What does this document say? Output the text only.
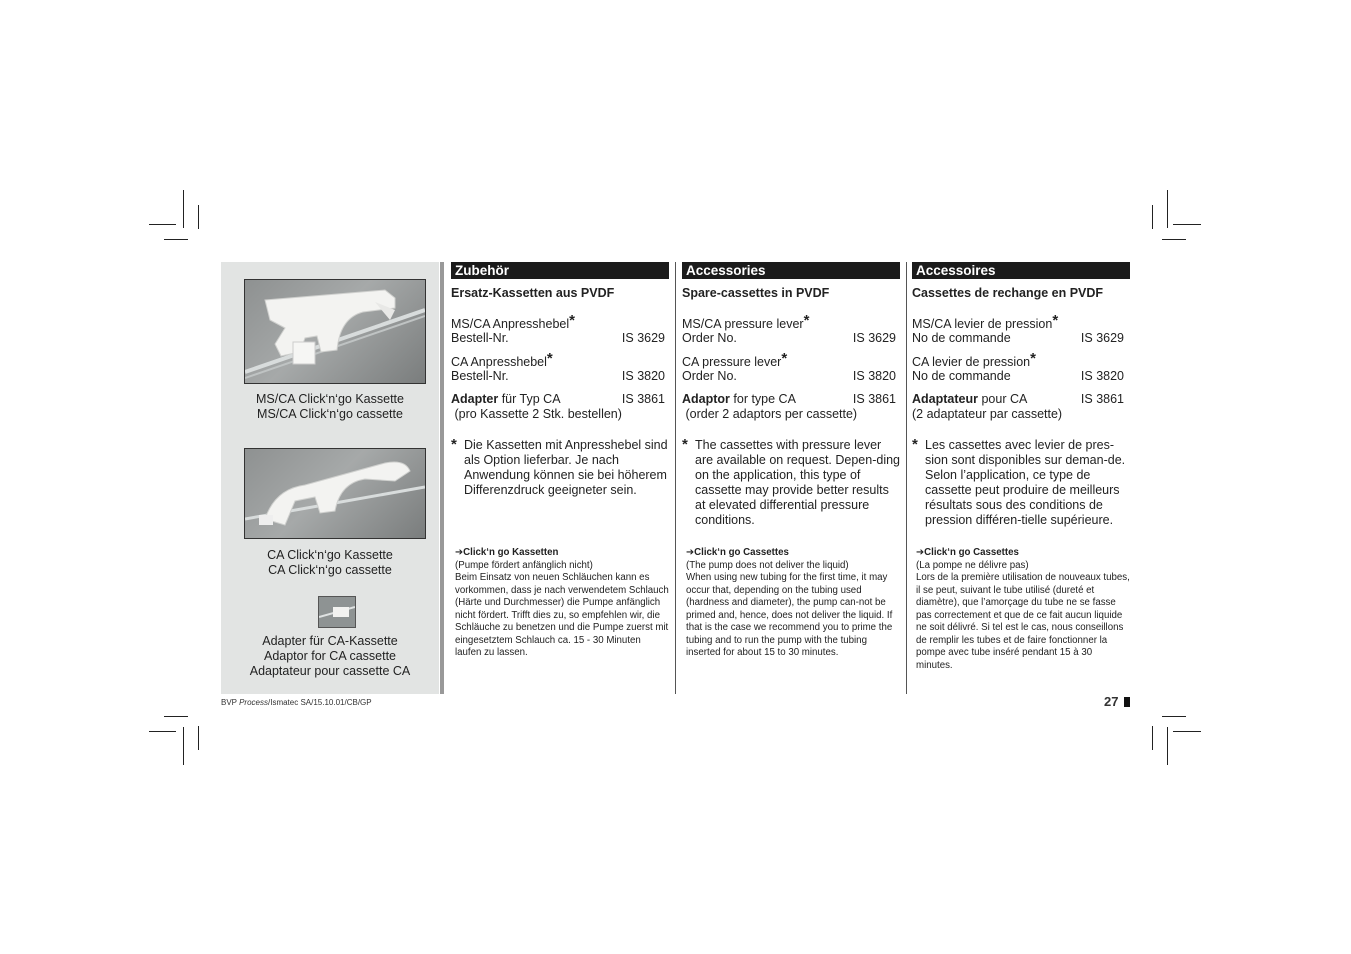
MS/CA Click‘n‘go Kassette
MS/CA Click‘n‘go cassette
CA Click‘n‘go Kassette
CA Click‘n‘go cassette
Adapter für CA-Kassette
Adaptor for CA cassette
Adaptateur pour cassette CA
Zubehör
Ersatz-Kassetten aus PVDF
MS/CA Anpresshebel*
Bestell-Nr.	IS 3629
CA Anpresshebel*
Bestell-Nr.	IS 3820
Adapter für Typ CA	IS 3861
(pro Kassette 2 Stk. bestellen)
* Die Kassetten mit Anpresshebel sind als Option lieferbar. Je nach Anwendung können sie bei höherem Differenzdruck geeigneter sein.
➔Click‘n go Kassetten
(Pumpe fördert anfänglich nicht)
Beim Einsatz von neuen Schläuchen kann es vorkommen, dass je nach verwendetem Schlauch (Härte und Durchmesser) die Pumpe anfänglich nicht fördert. Trifft dies zu, so empfehlen wir, die Schläuche zu benetzen und die Pumpe zuerst mit eingesetztem Schlauch ca. 15 - 30 Minuten laufen zu lassen.
Accessories
Spare-cassettes in PVDF
MS/CA pressure lever*
Order No.	IS 3629
CA pressure lever*
Order No.	IS 3820
Adaptor for type CA	IS 3861
(order 2 adaptors per cassette)
* The cassettes with pressure lever are available on request. Depen-ding on the application, this type of cassette may provide better results at elevated differential pressure conditions.
➔Click‘n go Cassettes
(The pump does not deliver the liquid)
When using new tubing for the first time, it may occur that, depending on the tubing used (hardness and diameter), the pump can-not be primed and, hence, does not deliver the liquid. If that is the case we recommend you to prime the tubing and to run the pump with the tubing inserted for about 15 to 30 minutes.
Accessoires
Cassettes de rechange en PVDF
MS/CA levier de pression*
No de commande	IS 3629
CA levier de pression*
No de commande	IS 3820
Adaptateur pour CA	IS 3861
(2 adaptateur par cassette)
* Les cassettes avec levier de pres-sion sont disponibles sur deman-de. Selon l’application, ce type de cassette peut produire de meilleurs résultats sous des conditions de pression différen-tielle supérieure.
➔Click‘n go Cassettes
(La pompe ne délivre pas)
Lors de la première utilisation de nouveaux tubes, il se peut, suivant le tube utilisé (dureté et diamètre), que l’amorçage du tube ne se fasse pas correctement et que de ce fait aucun liquide ne soit délivré. Si tel est le cas, nous conseillons de remplir les tubes et de faire fonctionner la pompe avec tube inséré pendant 15 à 30 minutes.
BVP Process/Ismatec SA/15.10.01/CB/GP	27
